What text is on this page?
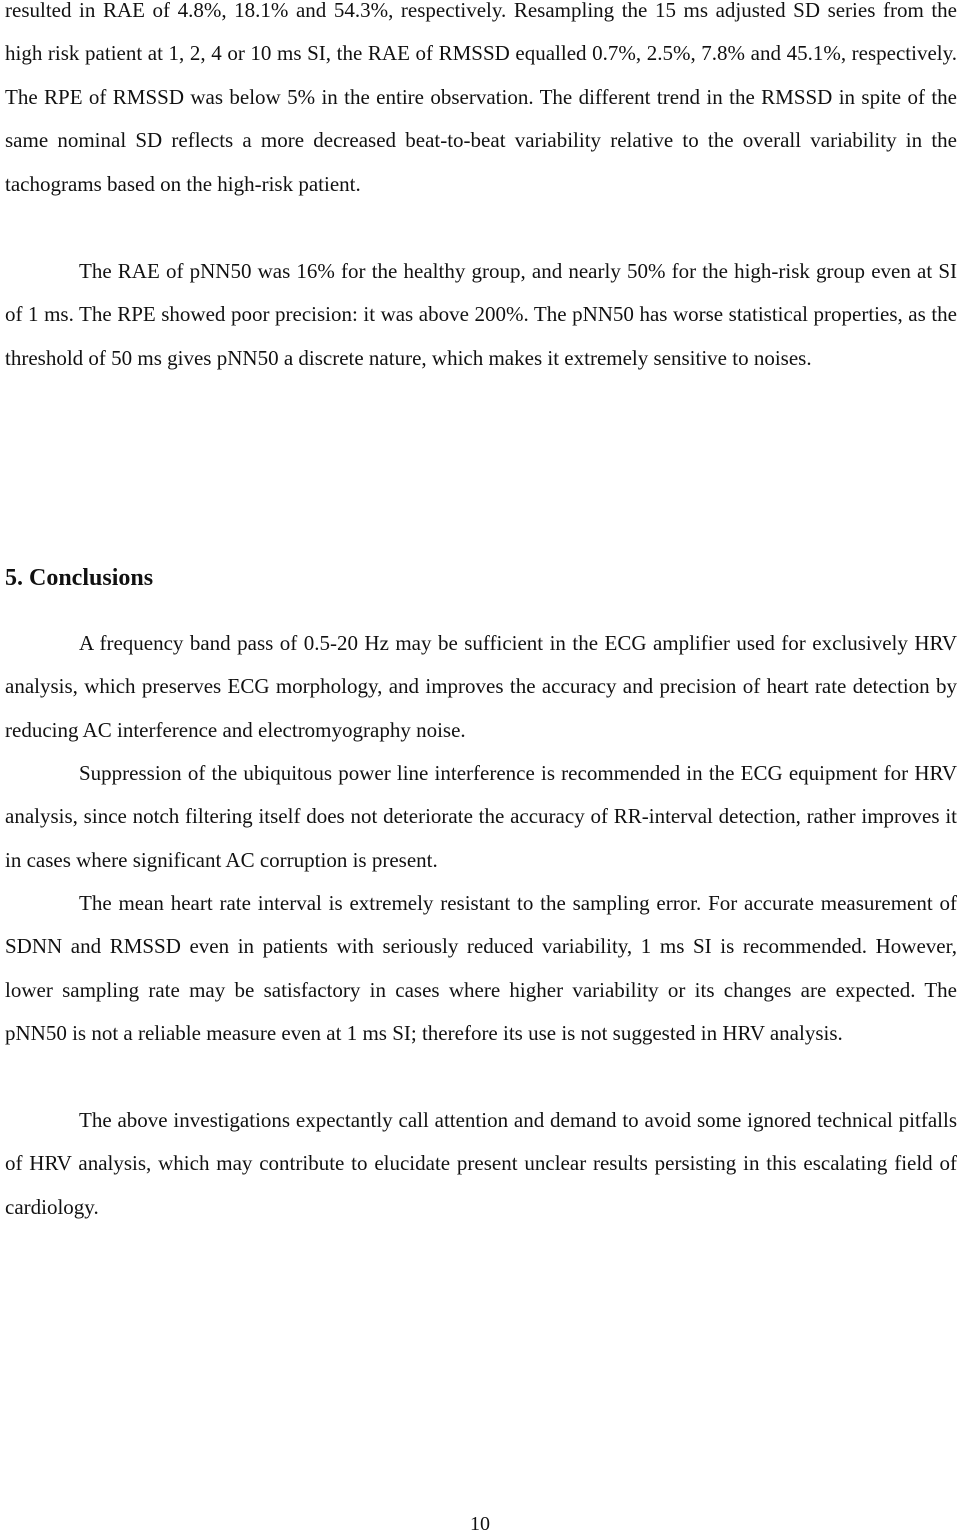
resulted in RAE of 4.8%, 18.1% and 54.3%, respectively. Resampling the 15 ms adjusted SD series from the high risk patient at 1, 2, 4 or 10 ms SI, the RAE of RMSSD equalled 0.7%, 2.5%, 7.8% and 45.1%, respectively. The RPE of RMSSD was below 5% in the entire observation. The different trend in the RMSSD in spite of the same nominal SD reflects a more decreased beat-to-beat variability relative to the overall variability in the tachograms based on the high-risk patient.

The RAE of pNN50 was 16% for the healthy group, and nearly 50% for the high-risk group even at SI of 1 ms. The RPE showed poor precision: it was above 200%. The pNN50 has worse statistical properties, as the threshold of 50 ms gives pNN50 a discrete nature, which makes it extremely sensitive to noises.

5. Conclusions

A frequency band pass of 0.5-20 Hz may be sufficient in the ECG amplifier used for exclusively HRV analysis, which preserves ECG morphology, and improves the accuracy and precision of heart rate detection by reducing AC interference and electromyography noise.

Suppression of the ubiquitous power line interference is recommended in the ECG equipment for HRV analysis, since notch filtering itself does not deteriorate the accuracy of RR-interval detection, rather improves it in cases where significant AC corruption is present.

The mean heart rate interval is extremely resistant to the sampling error. For accurate measurement of SDNN and RMSSD even in patients with seriously reduced variability, 1 ms SI is recommended. However, lower sampling rate may be satisfactory in cases where higher variability or its changes are expected. The pNN50 is not a reliable measure even at 1 ms SI; therefore its use is not suggested in HRV analysis.

The above investigations expectantly call attention and demand to avoid some ignored technical pitfalls of HRV analysis, which may contribute to elucidate present unclear results persisting in this escalating field of cardiology.

10
